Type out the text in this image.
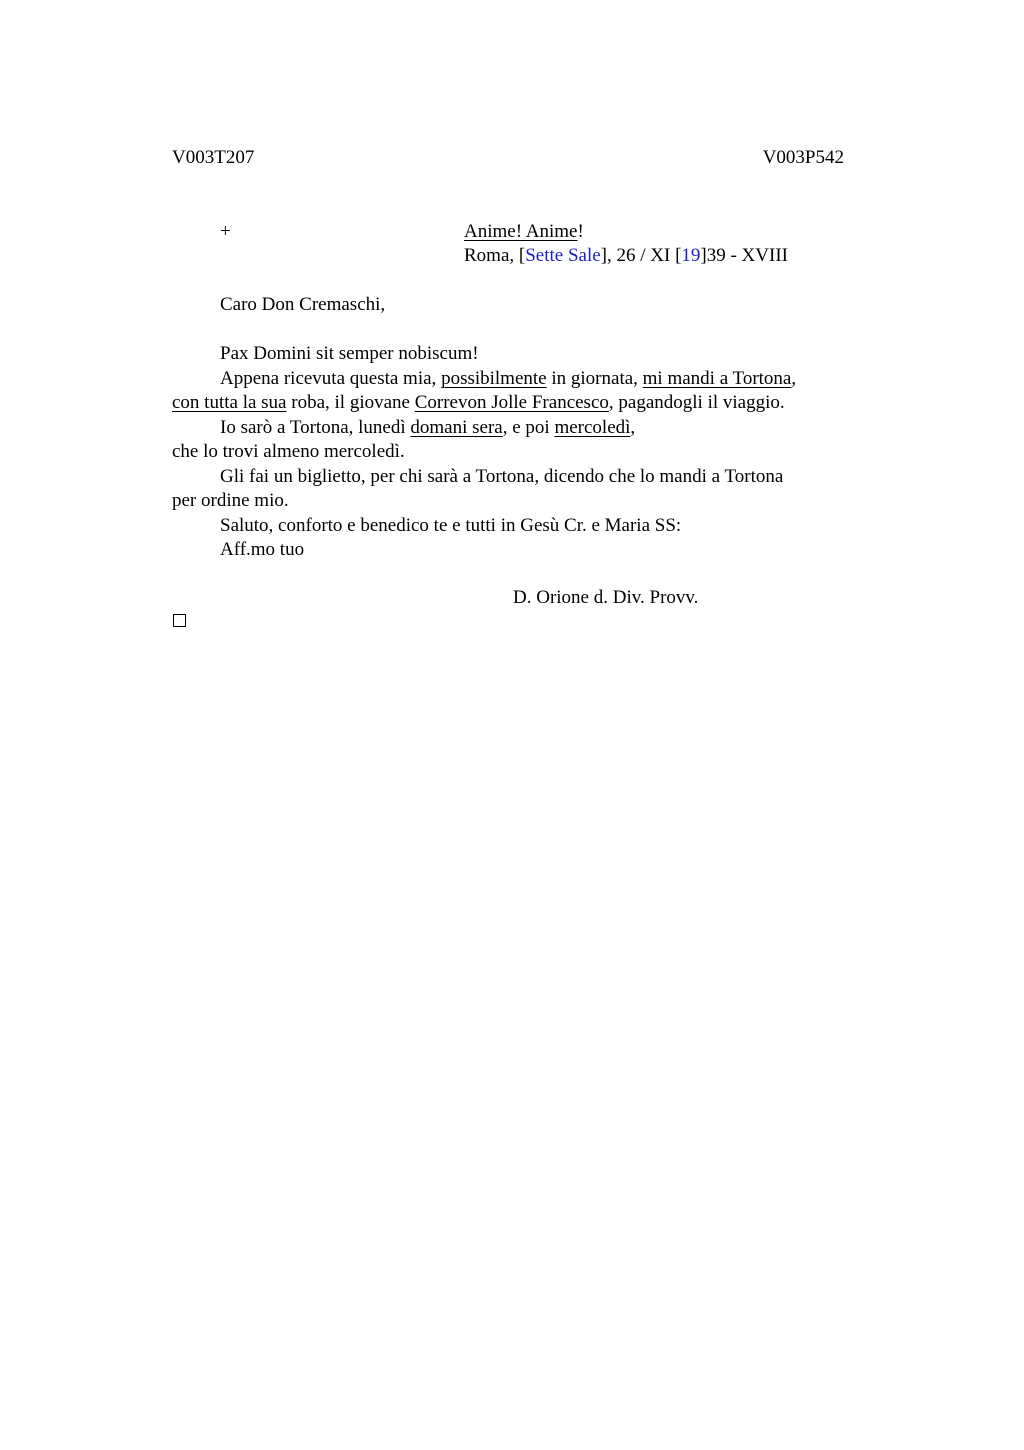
V003T207	V003P542
+	Anime! Anime!
Roma, [Sette Sale], 26 / XI [19]39 - XVIII
Caro Don Cremaschi,
Pax Domini sit semper nobiscum!
Appena ricevuta questa mia, possibilmente in giornata, mi mandi a Tortona,
con tutta la sua roba, il giovane Correvon Jolle Francesco, pagandogli il viaggio.
Io sarò a Tortona, lunedì domani sera, e poi mercoledì,
che lo trovi almeno mercoledì.
Gli fai un biglietto, per chi sarà a Tortona, dicendo che lo mandi a Tortona
per ordine mio.
Saluto, conforto e benedico te e tutti in Gesù Cr. e Maria SS:
Aff.mo tuo
D. Orione d. Div. Provv.
